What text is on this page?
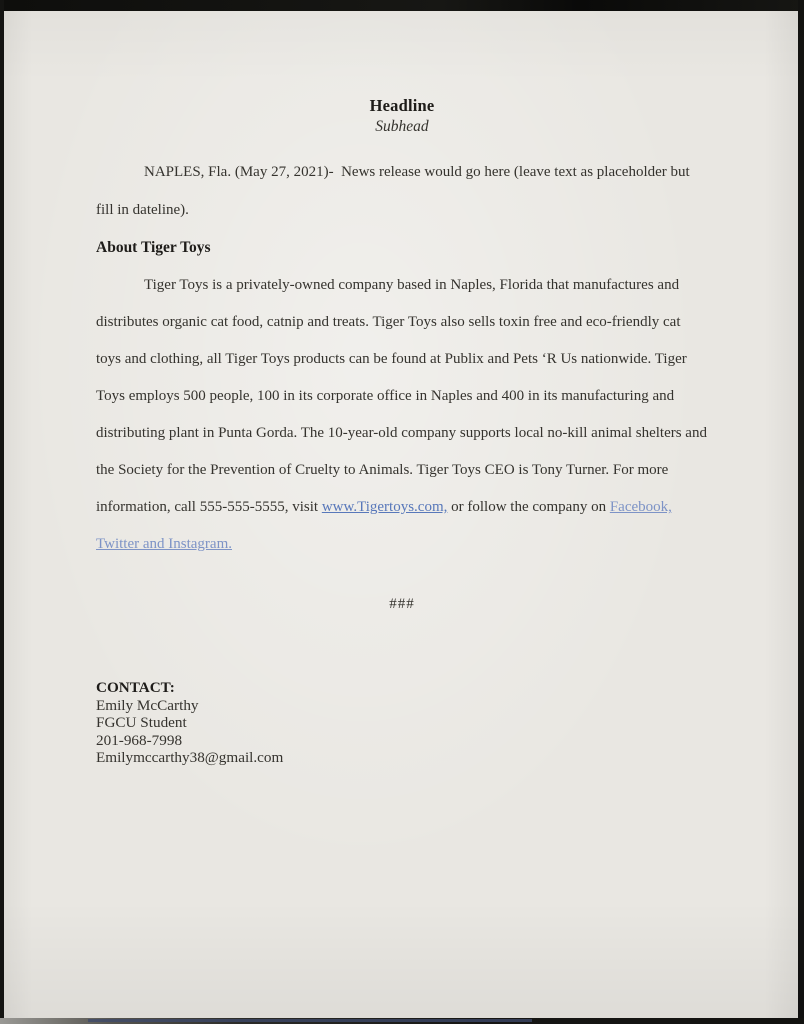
Headline
Subhead

NAPLES, Fla. (May 27, 2021)-  News release would go here (leave text as placeholder but fill in dateline).

About Tiger Toys

Tiger Toys is a privately-owned company based in Naples, Florida that manufactures and distributes organic cat food, catnip and treats. Tiger Toys also sells toxin free and eco-friendly cat toys and clothing, all Tiger Toys products can be found at Publix and Pets ‘R Us nationwide. Tiger Toys employs 500 people, 100 in its corporate office in Naples and 400 in its manufacturing and distributing plant in Punta Gorda. The 10-year-old company supports local no-kill animal shelters and the Society for the Prevention of Cruelty to Animals. Tiger Toys CEO is Tony Turner. For more information, call 555-555-5555, visit www.Tigertoys.com, or follow the company on Facebook, Twitter and Instagram.

###
CONTACT:
Emily McCarthy
FGCU Student
201-968-7998
Emilymccarthy38@gmail.com
